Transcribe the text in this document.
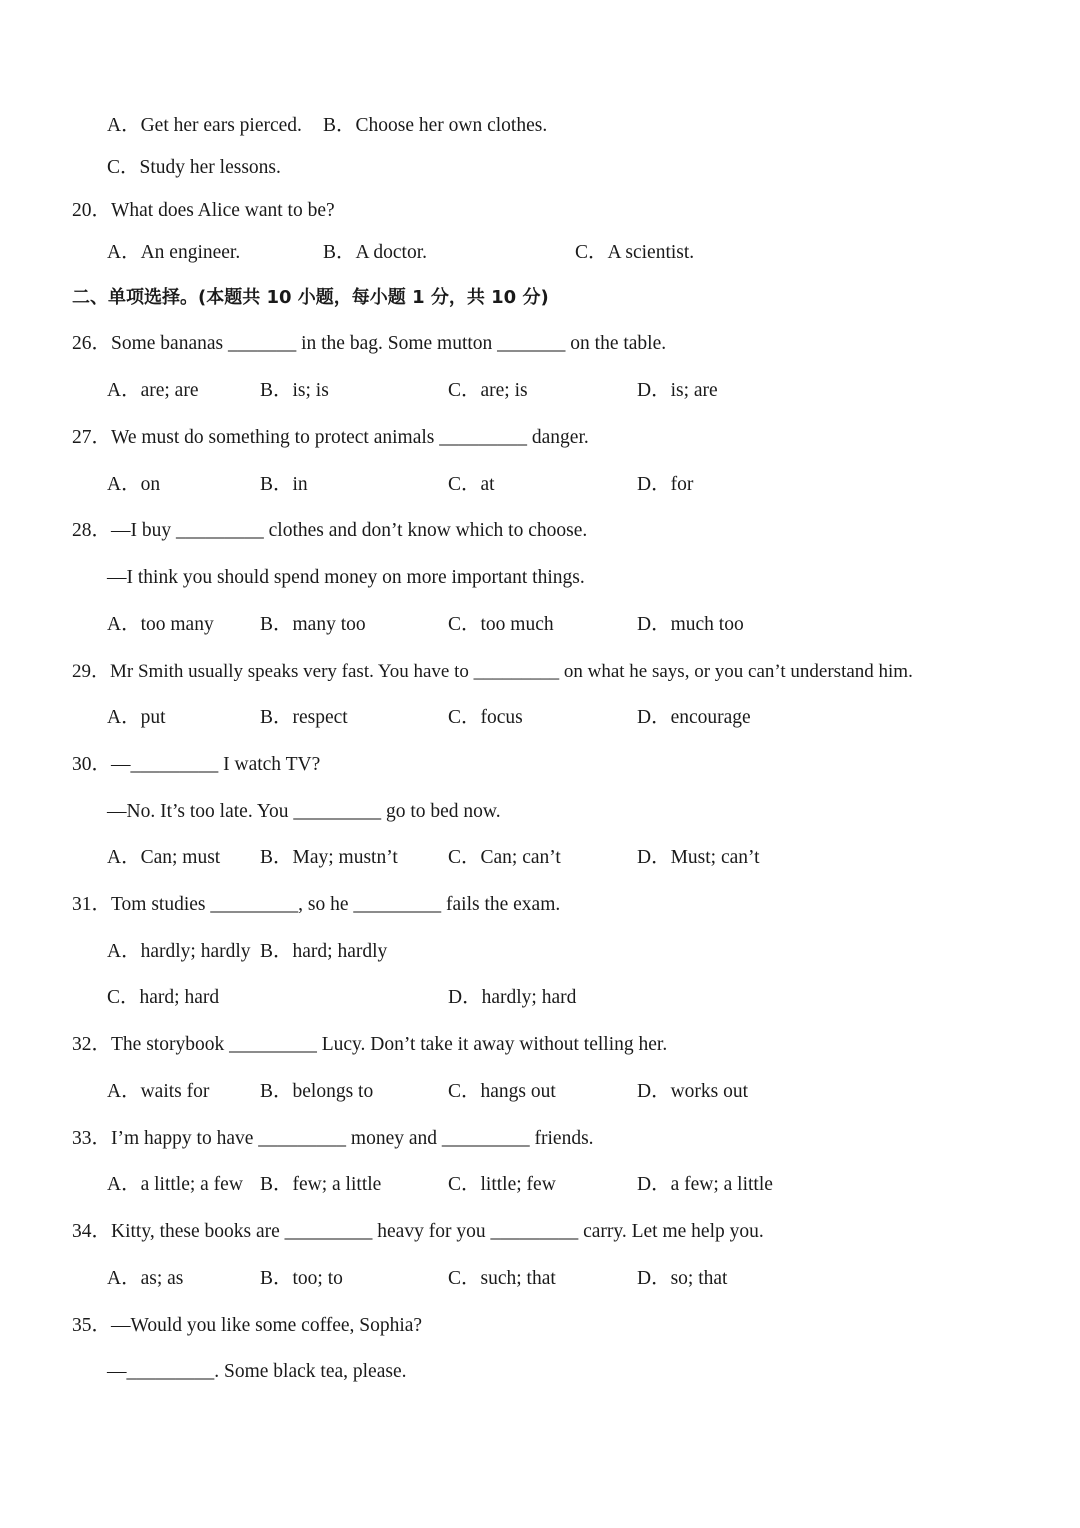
A．Get her ears pierced. B．Choose her own clothes.
C．Study her lessons.
20．What does Alice want to be?
A．An engineer.	B．A doctor.	C．A scientist.
二、单项选择。(本题共 10 小题，每小题 1 分，共 10 分)
26．Some bananas _______ in the bag. Some mutton _______ on the table.
A．are; are	B．is; is	C．are; is	D．is; are
27．We must do something to protect animals _________ danger.
A．on	B．in	C．at	D．for
28．—I buy _________ clothes and don’t know which to choose.
—I think you should spend money on more important things.
A．too many B．many too	C．too much	D．much too
29．Mr Smith usually speaks very fast. You have to _________ on what he says, or you can’t understand him.
A．put	B．respect	C．focus	D．encourage
30．—_________ I watch TV?
—No. It’s too late. You _________ go to bed now.
A．Can; must B．May; mustn’t	C．Can; can’t	D．Must; can’t
31．Tom studies _________, so he _________ fails the exam.
A．hardly; hardly B．hard; hardly
C．hard; hard	D．hardly; hard
32．The storybook _________ Lucy. Don’t take it away without telling her.
A．waits for	B．belongs to	C．hangs out	D．works out
33．I’m happy to have _________ money and _________ friends.
A．a little; a few B．few; a little	C．little; few	D．a few; a little
34．Kitty, these books are _________ heavy for you _________ carry. Let me help you.
A．as; as	B．too; to	C．such; that	D．so; that
35．—Would you like some coffee, Sophia?
—_________. Some black tea, please.
